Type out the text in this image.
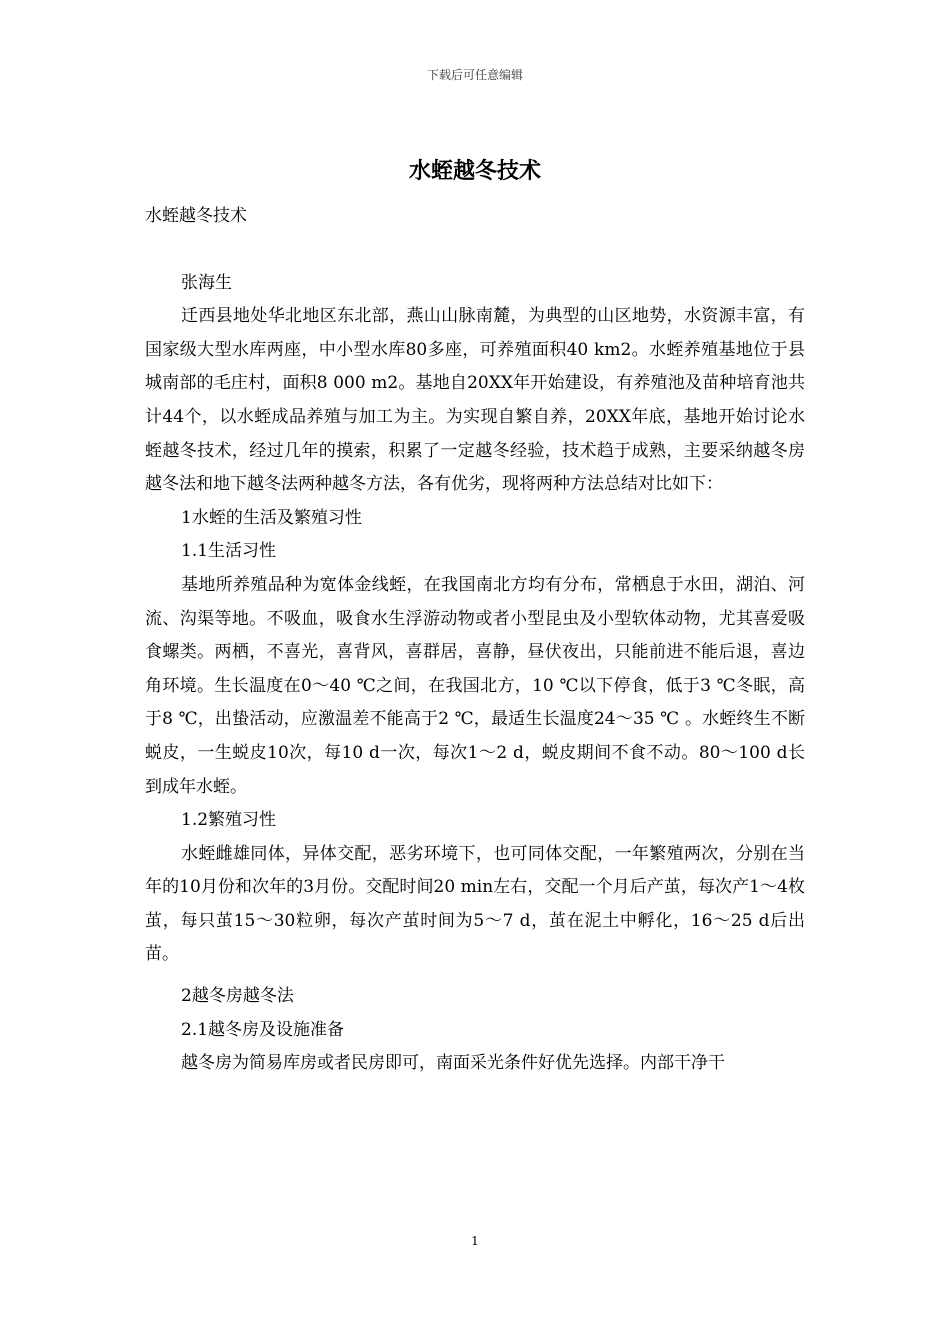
下载后可任意编辑
水蛭越冬技术

水蛭越冬技术

张海生

迁西县地处华北地区东北部，燕山山脉南麓，为典型的山区地势，水资源丰富，有国家级大型水库两座，中小型水库80多座，可养殖面积40 km2。水蛭养殖基地位于县城南部的毛庄村，面积8 000 m2。基地自20XX年开始建设，有养殖池及苗种培育池共计44个，以水蛭成品养殖与加工为主。为实现自繁自养，20XX年底，基地开始讨论水蛭越冬技术，经过几年的摸索，积累了一定越冬经验，技术趋于成熟，主要采纳越冬房越冬法和地下越冬法两种越冬方法，各有优劣，现将两种方法总结对比如下：

1水蛭的生活及繁殖习性

1.1生活习性

基地所养殖品种为宽体金线蛭，在我国南北方均有分布，常栖息于水田，湖泊、河流、沟渠等地。不吸血，吸食水生浮游动物或者小型昆虫及小型软体动物，尤其喜爱吸食螺类。两栖，不喜光，喜背风，喜群居，喜静，昼伏夜出，只能前进不能后退，喜边角环境。生长温度在0～40 ℃之间，在我国北方，10 ℃以下停食，低于3 ℃冬眠，高于8 ℃，出蛰活动，应激温差不能高于2 ℃，最适生长温度24～35 ℃ 。水蛭终生不断蜕皮，一生蜕皮10次，每10 d一次，每次1～2 d，蜕皮期间不食不动。80～100 d长到成年水蛭。

1.2繁殖习性

水蛭雌雄同体，异体交配，恶劣环境下，也可同体交配，一年繁殖两次，分别在当年的10月份和次年的3月份。交配时间20 min左右，交配一个月后产茧，每次产1～4枚茧，每只茧15～30粒卵，每次产茧时间为5～7 d，茧在泥土中孵化，16～25 d后出苗。

2越冬房越冬法

2.1越冬房及设施准备

越冬房为简易库房或者民房即可，南面采光条件好优先选择。内部干净干

1
